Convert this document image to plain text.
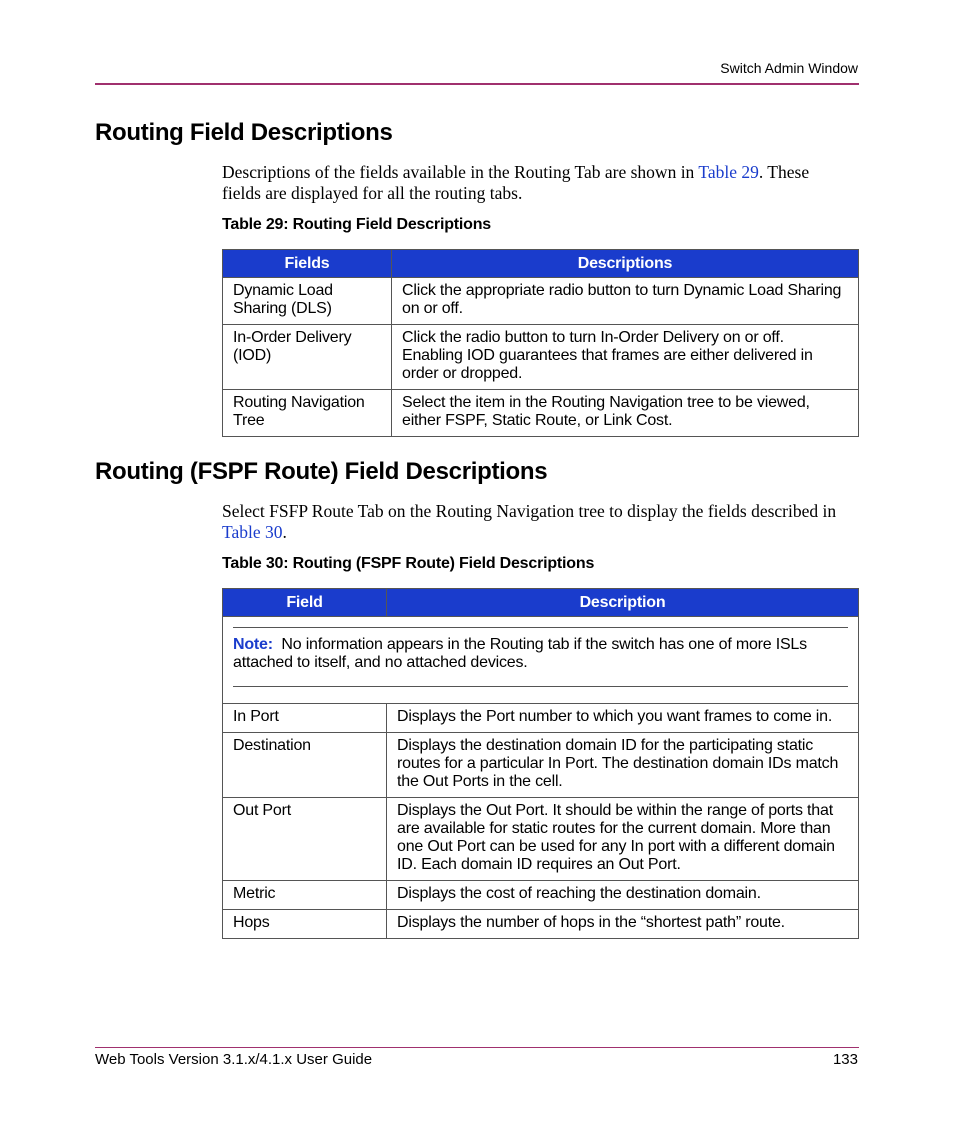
Switch Admin Window
Routing Field Descriptions

Descriptions of the fields available in the Routing Tab are shown in Table 29. These fields are displayed for all the routing tabs.

Table 29: Routing Field Descriptions

Fields	Descriptions
Dynamic Load Sharing (DLS)	Click the appropriate radio button to turn Dynamic Load Sharing on or off.
In-Order Delivery (IOD)	Click the radio button to turn In-Order Delivery on or off. Enabling IOD guarantees that frames are either delivered in order or dropped.
Routing Navigation Tree	Select the item in the Routing Navigation tree to be viewed, either FSPF, Static Route, or Link Cost.
Routing (FSPF Route) Field Descriptions

Select FSFP Route Tab on the Routing Navigation tree to display the fields described in Table 30.

Table 30: Routing (FSPF Route) Field Descriptions

Field	Description

Note: No information appears in the Routing tab if the switch has one of more ISLs attached to itself, and no attached devices.	

In Port	Displays the Port number to which you want frames to come in.
Destination	Displays the destination domain ID for the participating static routes for a particular In Port. The destination domain IDs match the Out Ports in the cell.
Out Port	Displays the Out Port. It should be within the range of ports that are available for static routes for the current domain. More than one Out Port can be used for any In port with a different domain ID. Each domain ID requires an Out Port.
Metric	Displays the cost of reaching the destination domain.
Hops	Displays the number of hops in the “shortest path” route.
Web Tools Version 3.1.x/4.1.x User Guide	133
